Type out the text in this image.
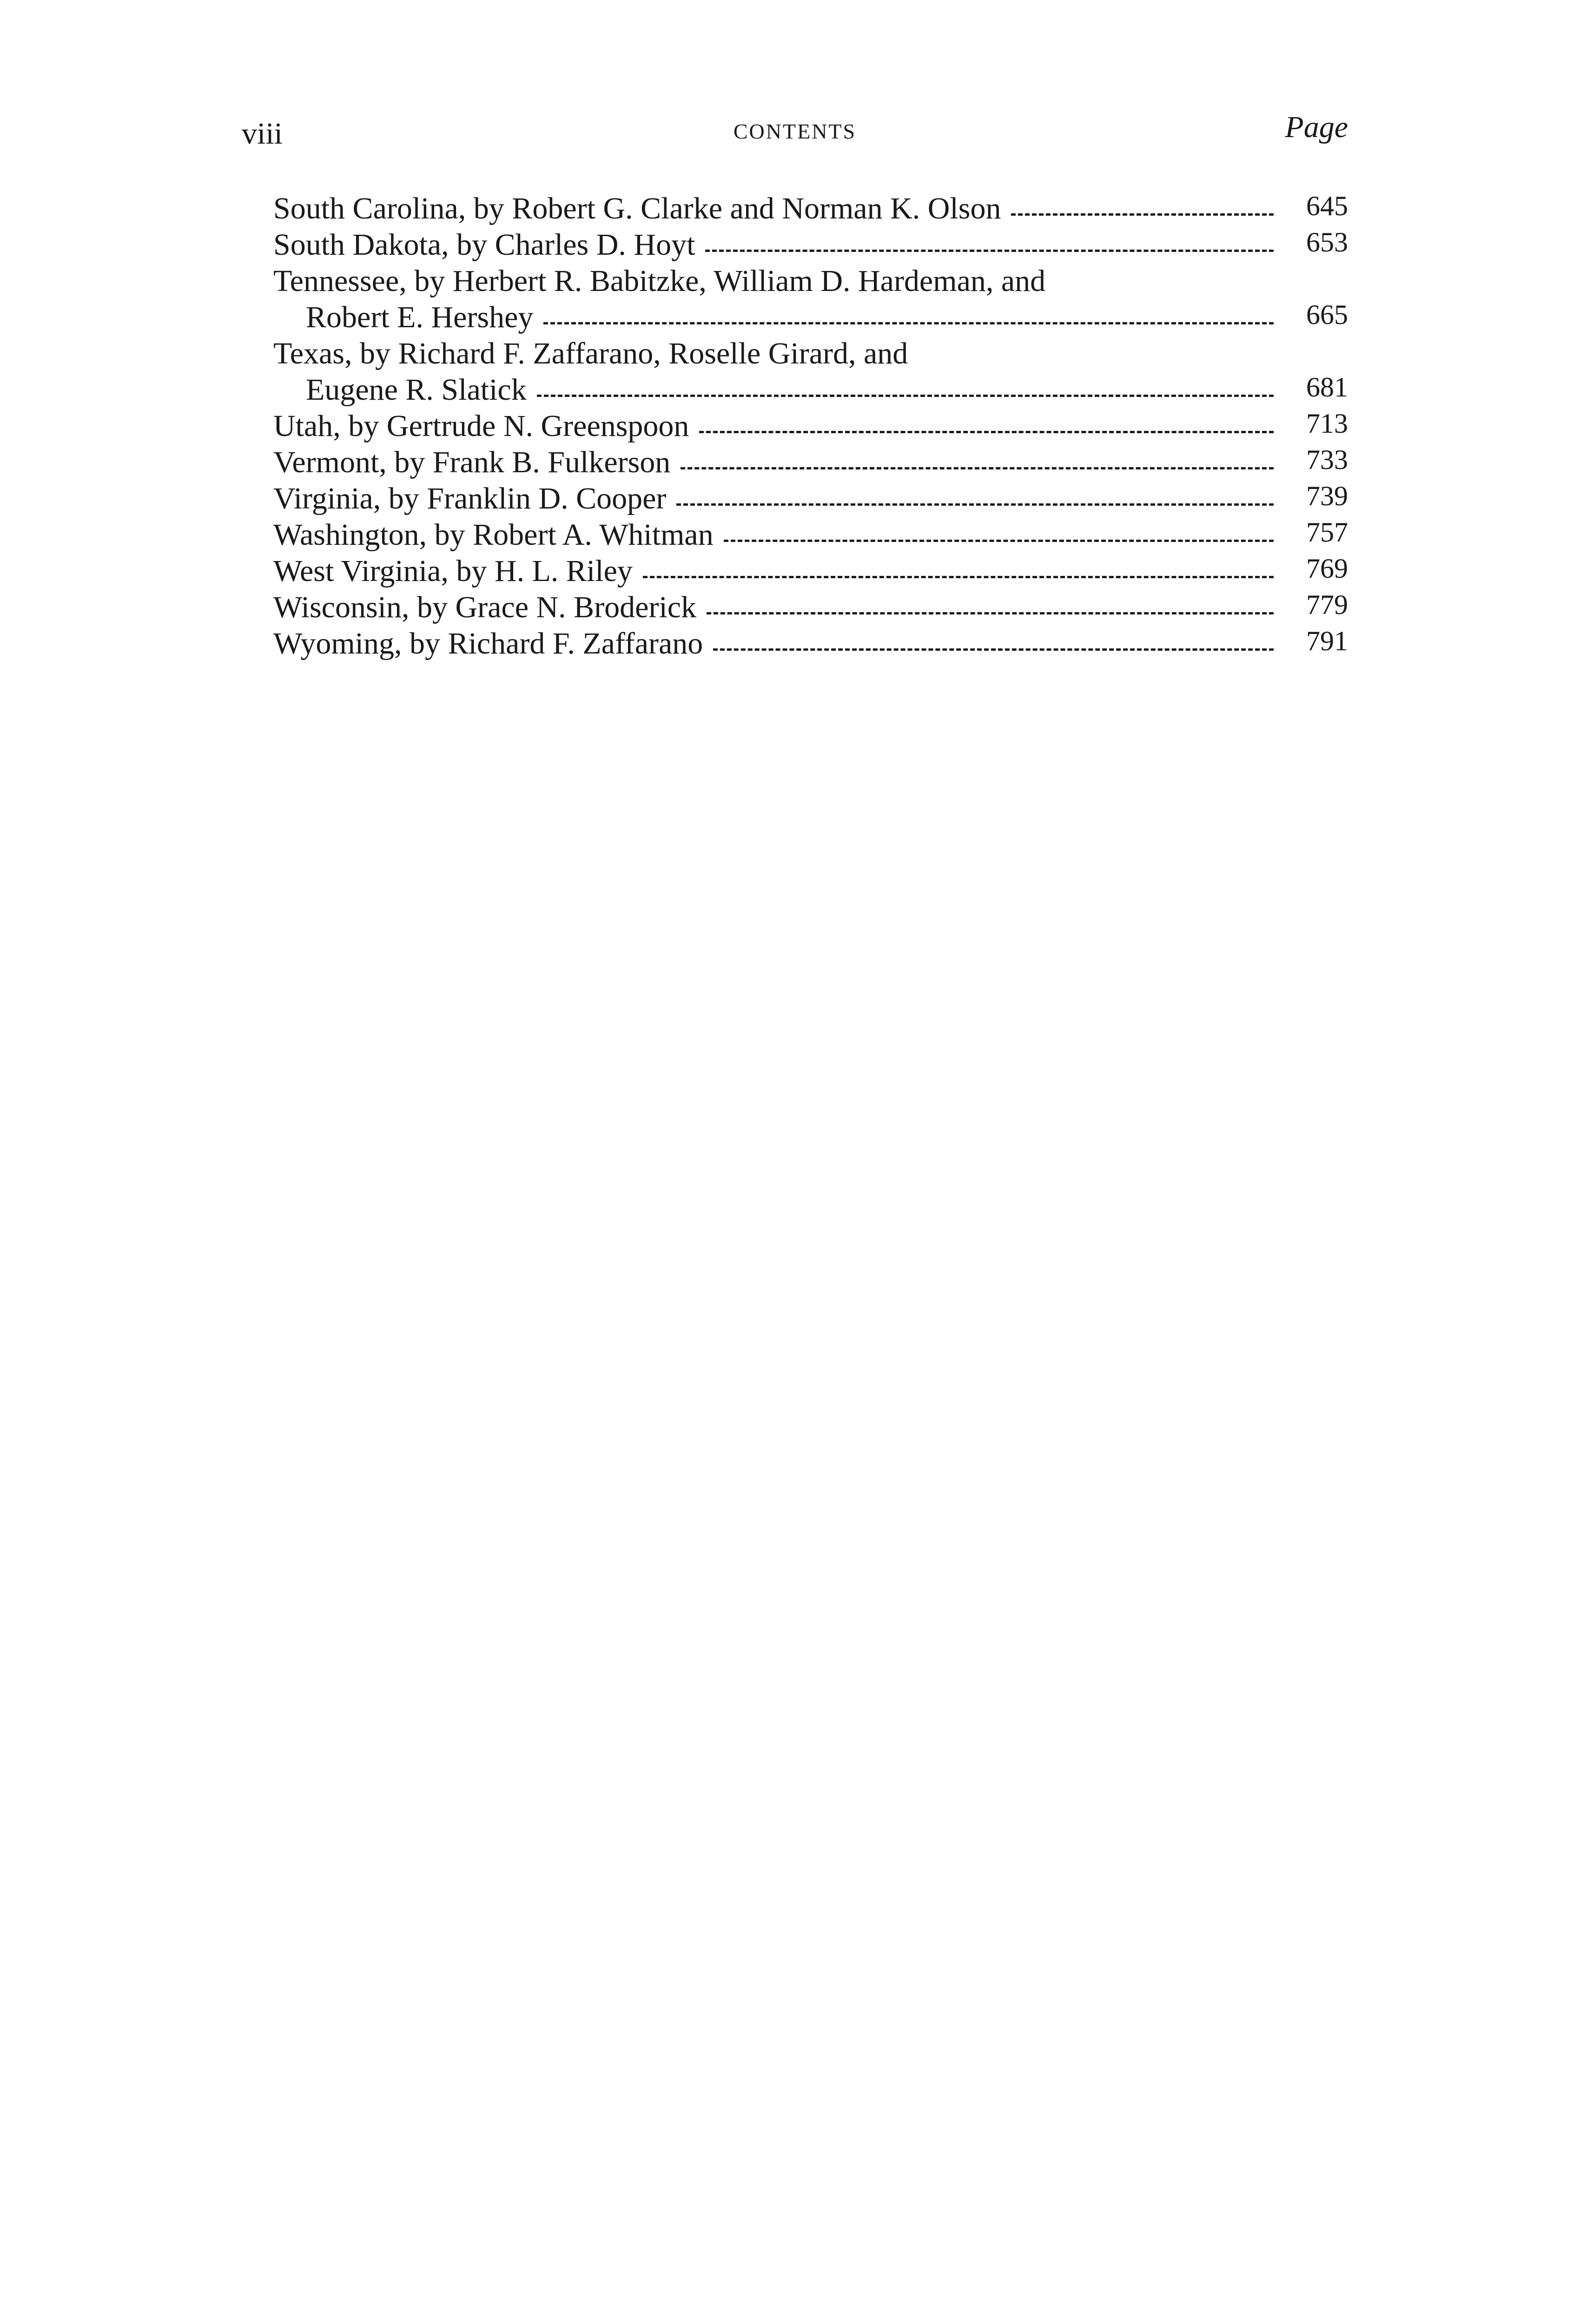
viii	CONTENTS	Page
South Carolina, by Robert G. Clarke and Norman K. Olson	645
South Dakota, by Charles D. Hoyt	653
Tennessee, by Herbert R. Babitzke, William D. Hardeman, and
Robert E. Hershey	665
Texas, by Richard F. Zaffarano, Roselle Girard, and
Eugene R. Slatick	681
Utah, by Gertrude N. Greenspoon	713
Vermont, by Frank B. Fulkerson	733
Virginia, by Franklin D. Cooper	739
Washington, by Robert A. Whitman	757
West Virginia, by H. L. Riley	769
Wisconsin, by Grace N. Broderick	779
Wyoming, by Richard F. Zaffarano	791
